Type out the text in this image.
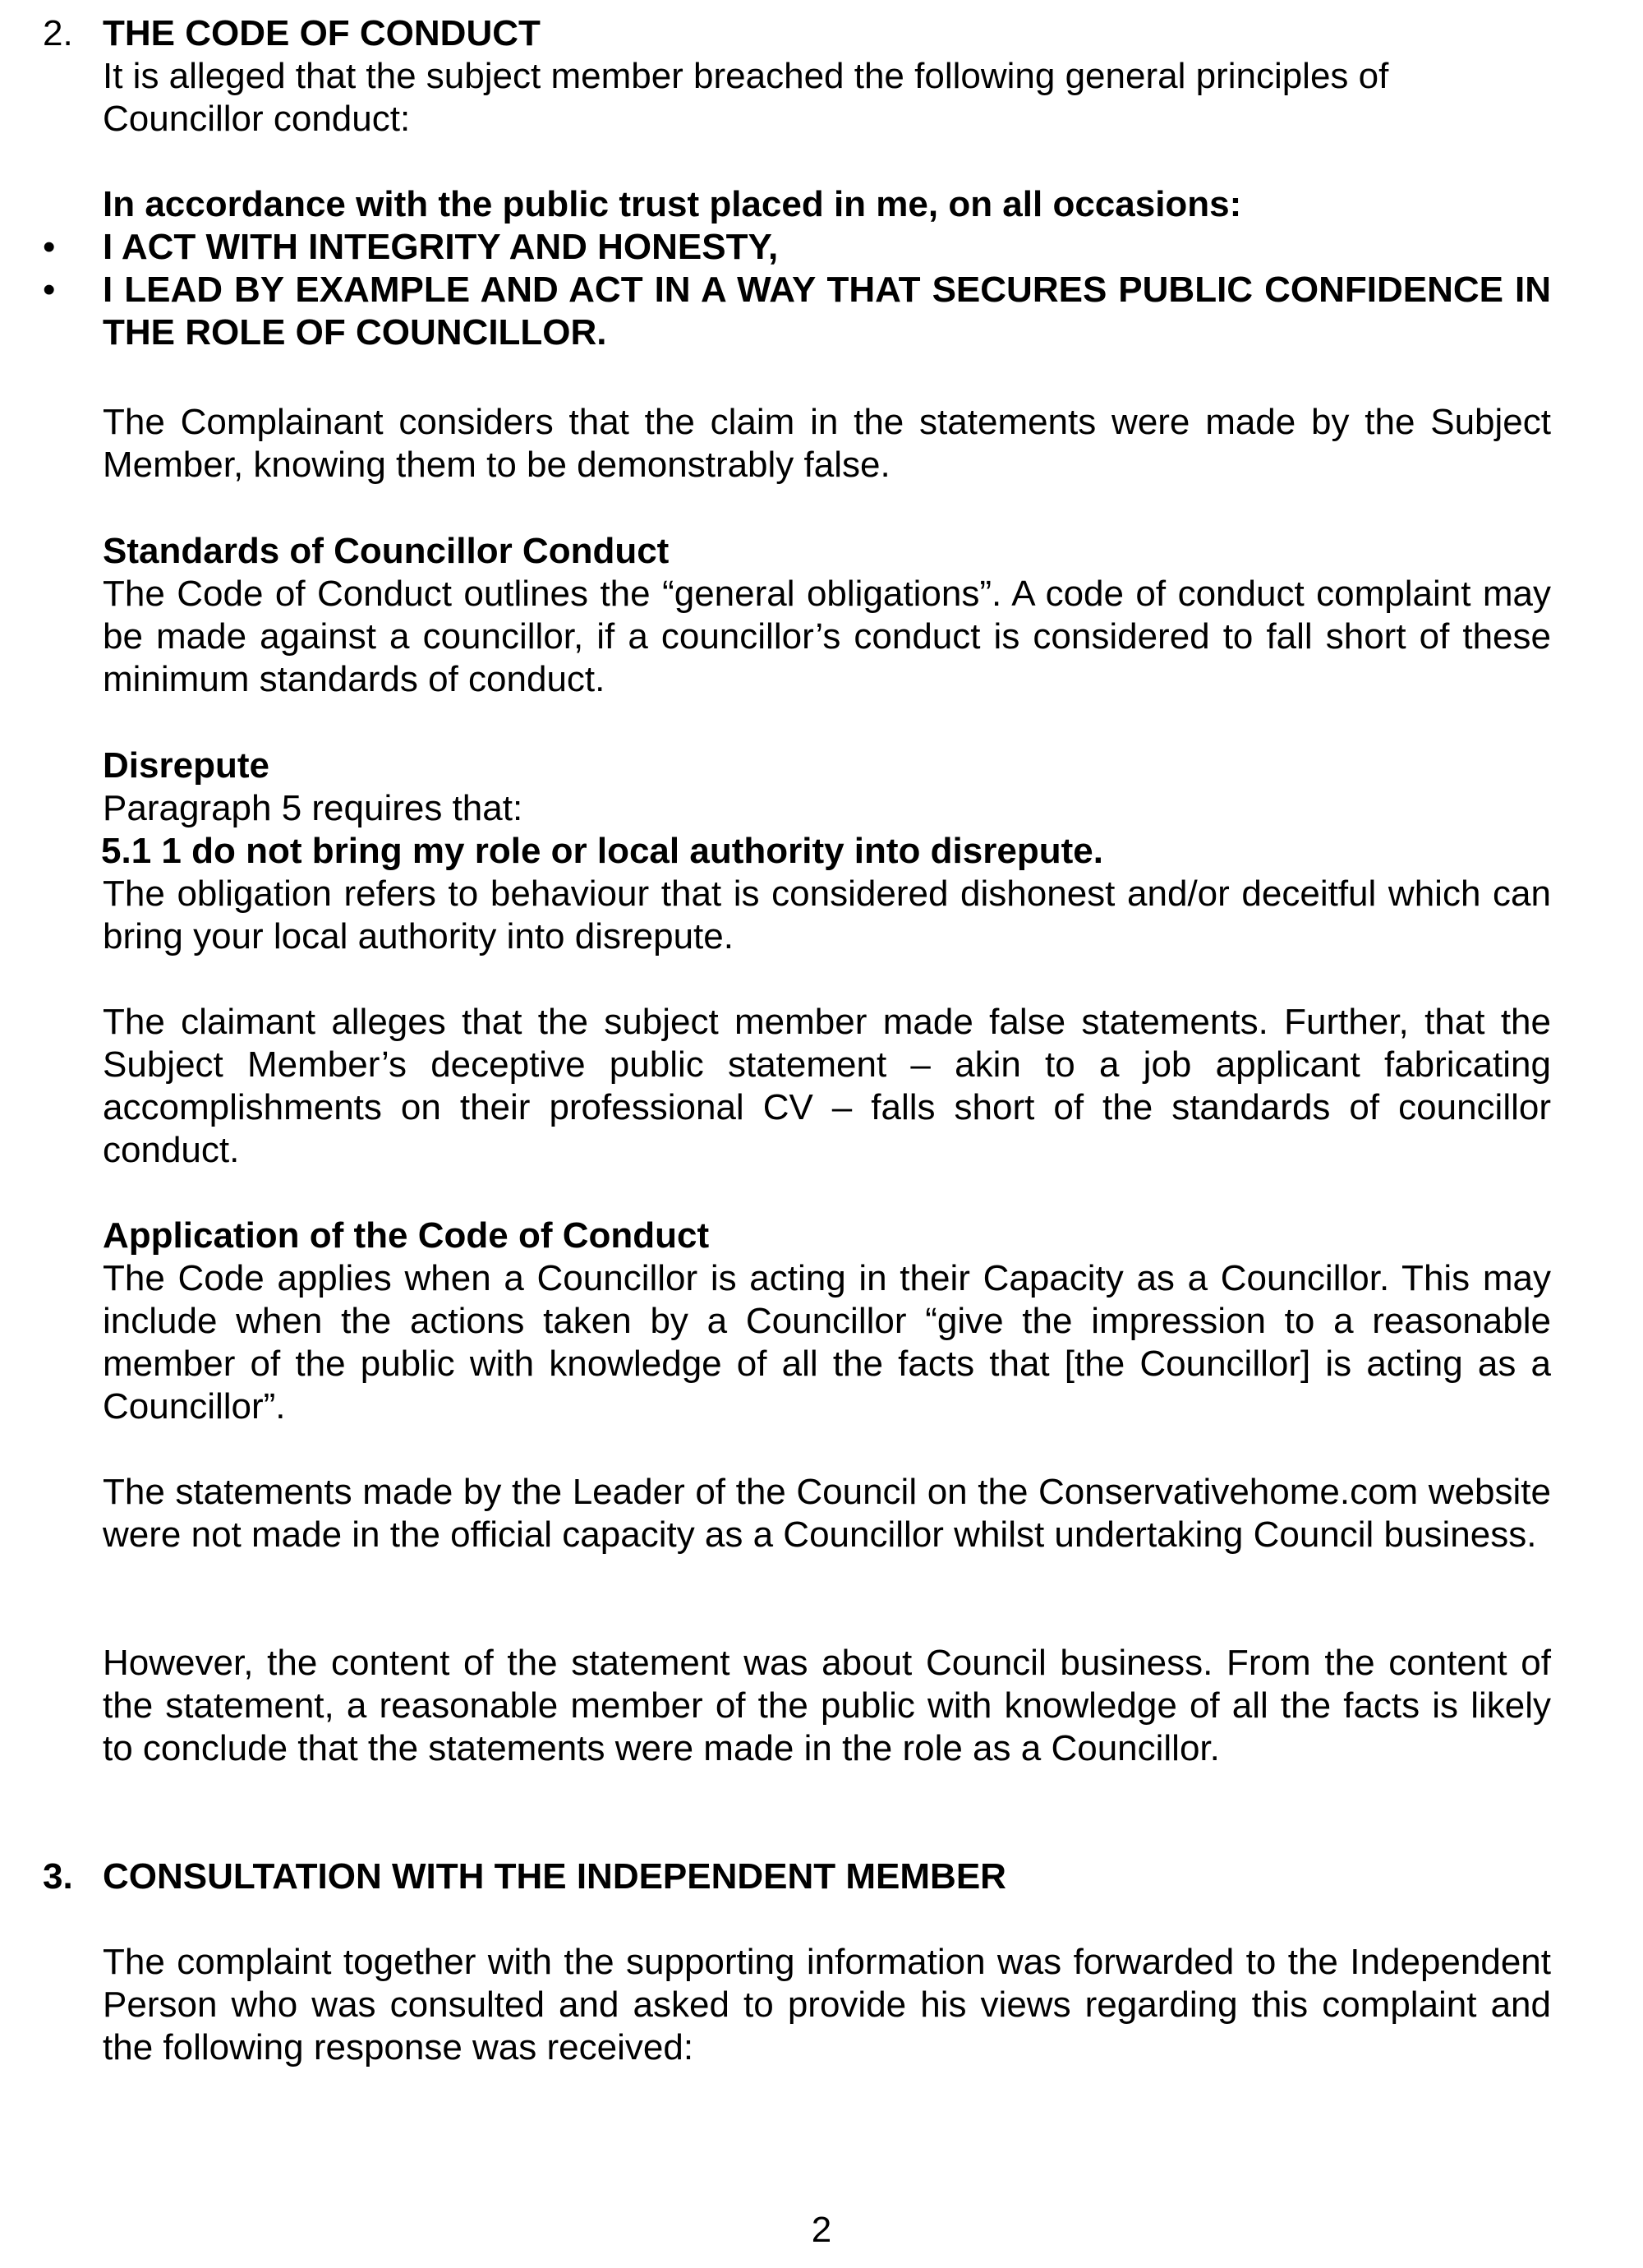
2. THE CODE OF CONDUCT

It is alleged that the subject member breached the following general principles of Councillor conduct:

In accordance with the public trust placed in me, on all occasions:

• I ACT WITH INTEGRITY AND HONESTY,
• I LEAD BY EXAMPLE AND ACT IN A WAY THAT SECURES PUBLIC CONFIDENCE IN THE ROLE OF COUNCILLOR.

The Complainant considers that the claim in the statements were made by the Subject Member, knowing them to be demonstrably false.

Standards of Councillor Conduct

The Code of Conduct outlines the “general obligations”. A code of conduct complaint may be made against a councillor, if a councillor’s conduct is considered to fall short of these minimum standards of conduct.

Disrepute

Paragraph 5 requires that:

5.1 1 do not bring my role or local authority into disrepute.

The obligation refers to behaviour that is considered dishonest and/or deceitful which can bring your local authority into disrepute.

The claimant alleges that the subject member made false statements. Further, that the Subject Member’s deceptive public statement – akin to a job applicant fabricating accomplishments on their professional CV – falls short of the standards of councillor conduct.

Application of the Code of Conduct

The Code applies when a Councillor is acting in their Capacity as a Councillor. This may include when the actions taken by a Councillor “give the impression to a reasonable member of the public with knowledge of all the facts that [the Councillor] is acting as a Councillor”.

The statements made by the Leader of the Council on the Conservativehome.com website were not made in the official capacity as a Councillor whilst undertaking Council business.

However, the content of the statement was about Council business. From the content of the statement, a reasonable member of the public with knowledge of all the facts is likely to conclude that the statements were made in the role as a Councillor.

3. CONSULTATION WITH THE INDEPENDENT MEMBER

The complaint together with the supporting information was forwarded to the Independent Person who was consulted and asked to provide his views regarding this complaint and the following response was received:

2
